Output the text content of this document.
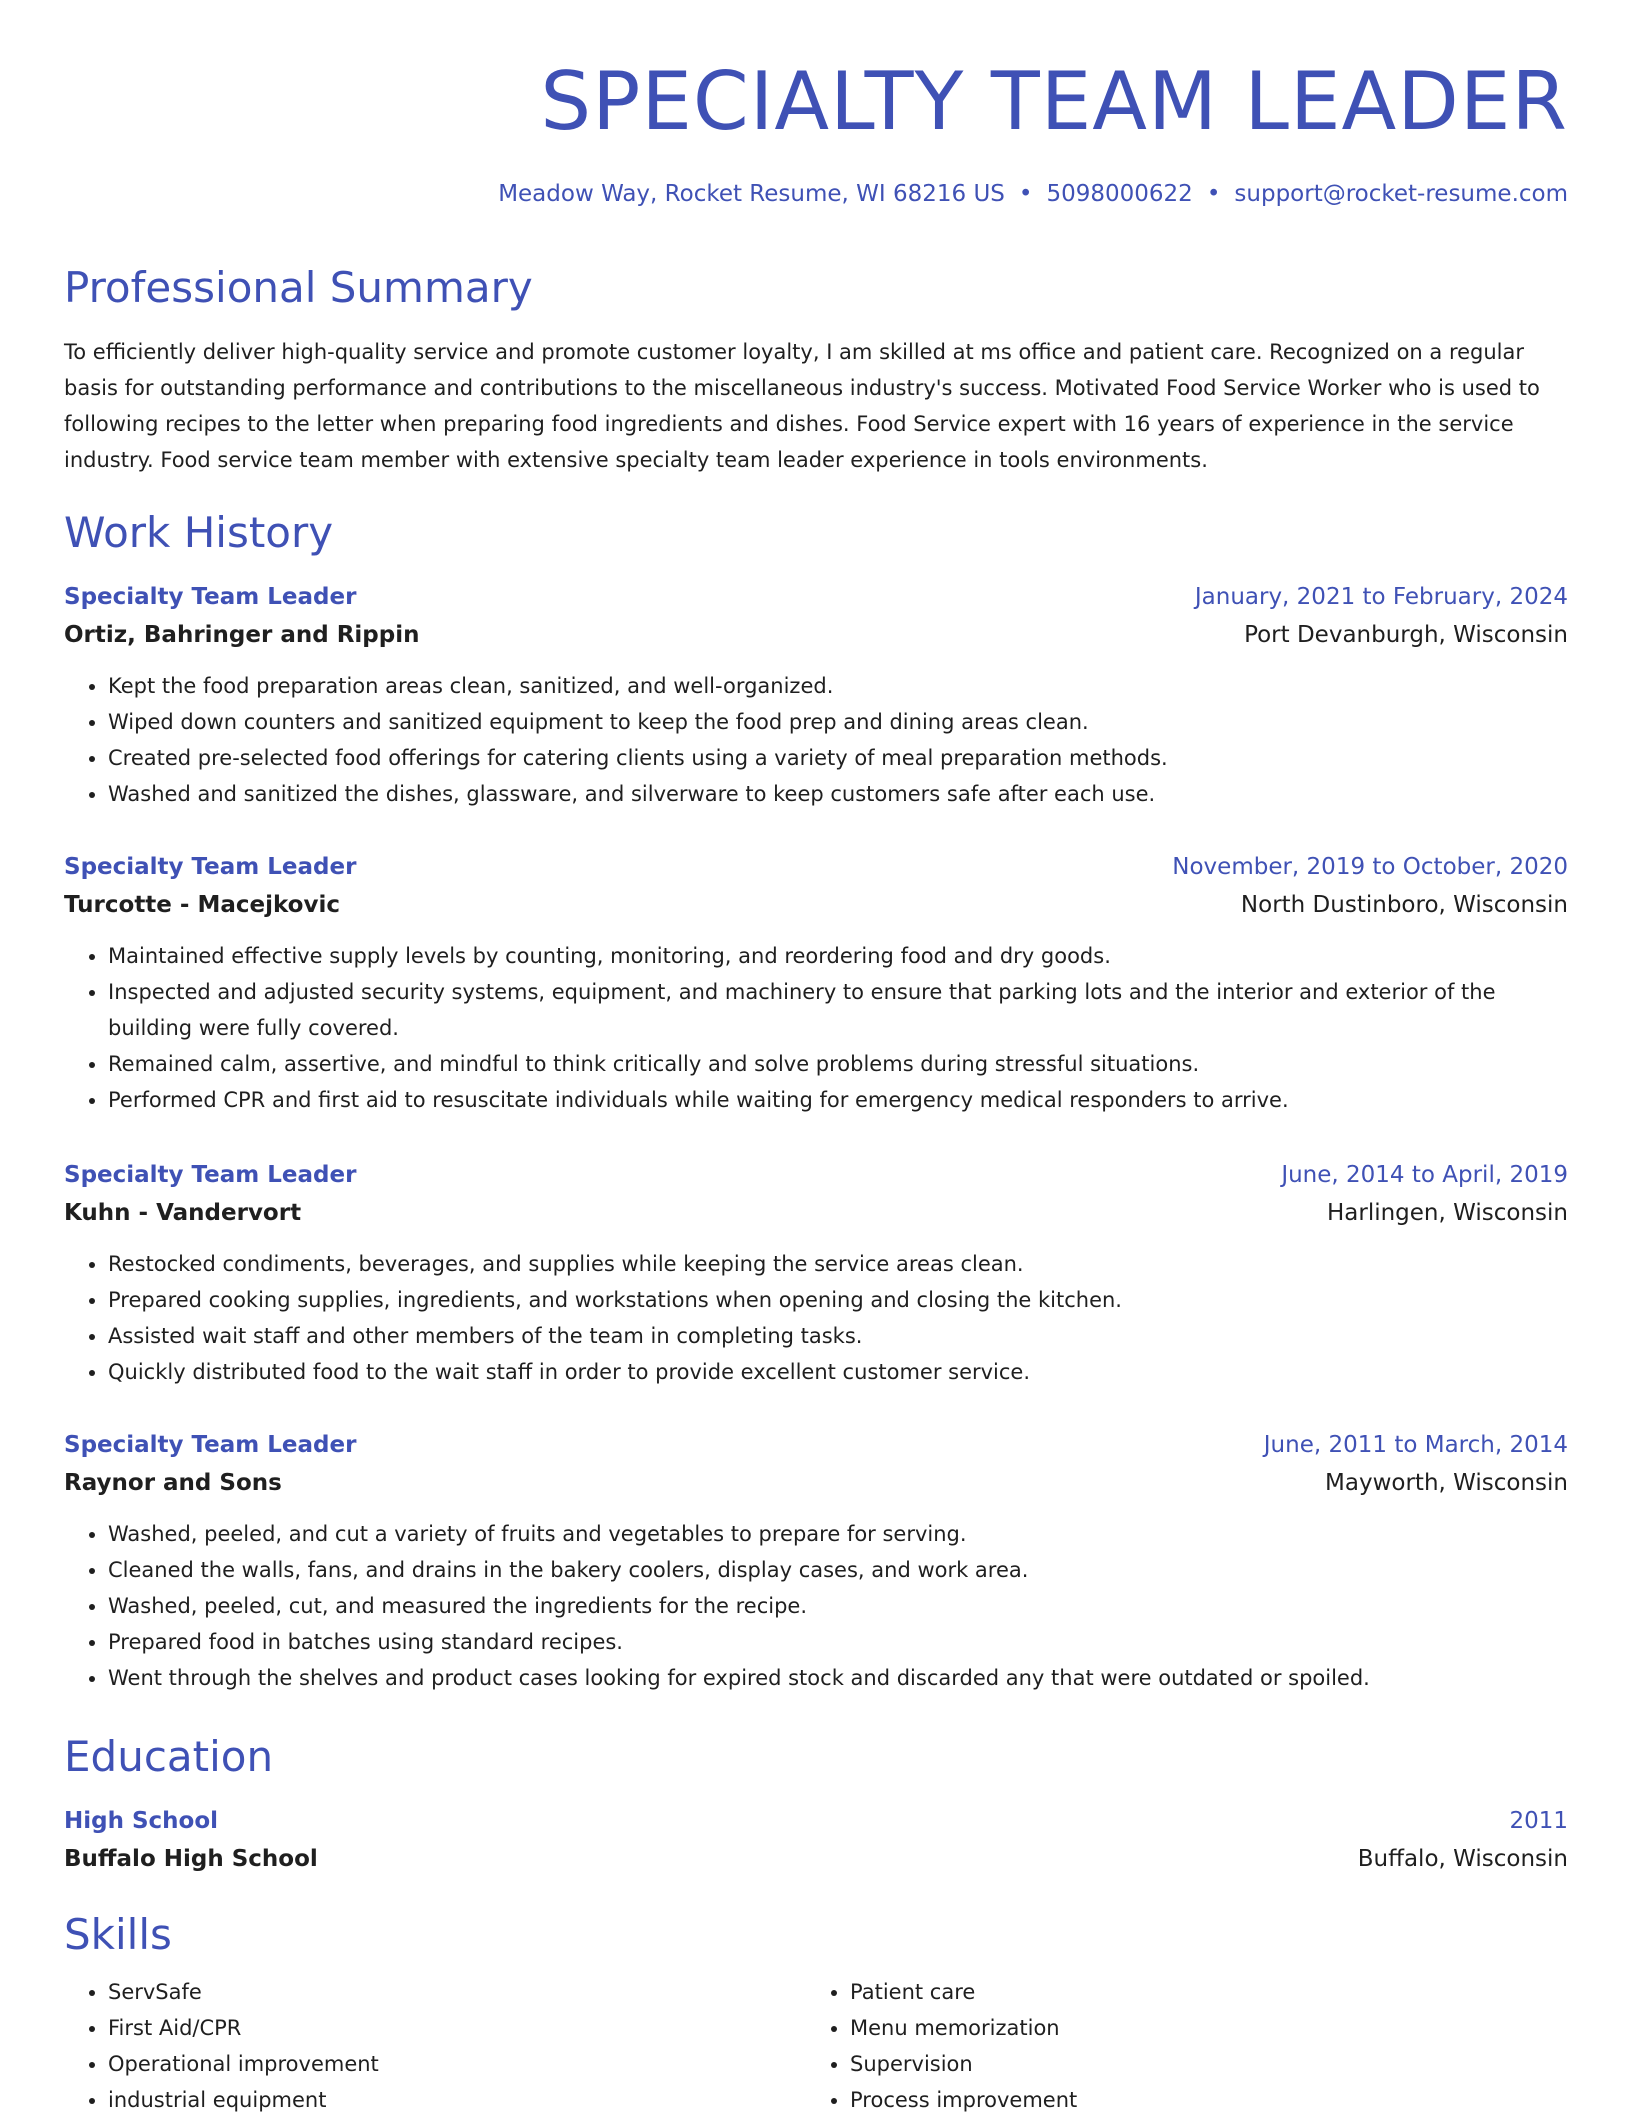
SPECIALTY TEAM LEADER
Meadow Way, Rocket Resume, WI 68216 US • 5098000622 • support@rocket-resume.com
Professional Summary

To efficiently deliver high-quality service and promote customer loyalty, I am skilled at ms office and patient care. Recognized on a regular basis for outstanding performance and contributions to the miscellaneous industry's success. Motivated Food Service Worker who is used to following recipes to the letter when preparing food ingredients and dishes. Food Service expert with 16 years of experience in the service industry. Food service team member with extensive specialty team leader experience in tools environments.

Work History
Specialty Team Leader	January, 2021 to February, 2024
Ortiz, Bahringer and Rippin	Port Devanburgh, Wisconsin
• Kept the food preparation areas clean, sanitized, and well-organized.
• Wiped down counters and sanitized equipment to keep the food prep and dining areas clean.
• Created pre-selected food offerings for catering clients using a variety of meal preparation methods.
• Washed and sanitized the dishes, glassware, and silverware to keep customers safe after each use.
Specialty Team Leader	November, 2019 to October, 2020
Turcotte - Macejkovic	North Dustinboro, Wisconsin
• Maintained effective supply levels by counting, monitoring, and reordering food and dry goods.
• Inspected and adjusted security systems, equipment, and machinery to ensure that parking lots and the interior and exterior of the building were fully covered.
• Remained calm, assertive, and mindful to think critically and solve problems during stressful situations.
• Performed CPR and first aid to resuscitate individuals while waiting for emergency medical responders to arrive.
Specialty Team Leader	June, 2014 to April, 2019
Kuhn - Vandervort	Harlingen, Wisconsin
• Restocked condiments, beverages, and supplies while keeping the service areas clean.
• Prepared cooking supplies, ingredients, and workstations when opening and closing the kitchen.
• Assisted wait staff and other members of the team in completing tasks.
• Quickly distributed food to the wait staff in order to provide excellent customer service.
Specialty Team Leader	June, 2011 to March, 2014
Raynor and Sons	Mayworth, Wisconsin
• Washed, peeled, and cut a variety of fruits and vegetables to prepare for serving.
• Cleaned the walls, fans, and drains in the bakery coolers, display cases, and work area.
• Washed, peeled, cut, and measured the ingredients for the recipe.
• Prepared food in batches using standard recipes.
• Went through the shelves and product cases looking for expired stock and discarded any that were outdated or spoiled.
Education
High School	2011
Buffalo High School	Buffalo, Wisconsin
Skills
• ServSafe
• First Aid/CPR
• Operational improvement
• industrial equipment
• Patient care
• Menu memorization
• Supervision
• Process improvement
